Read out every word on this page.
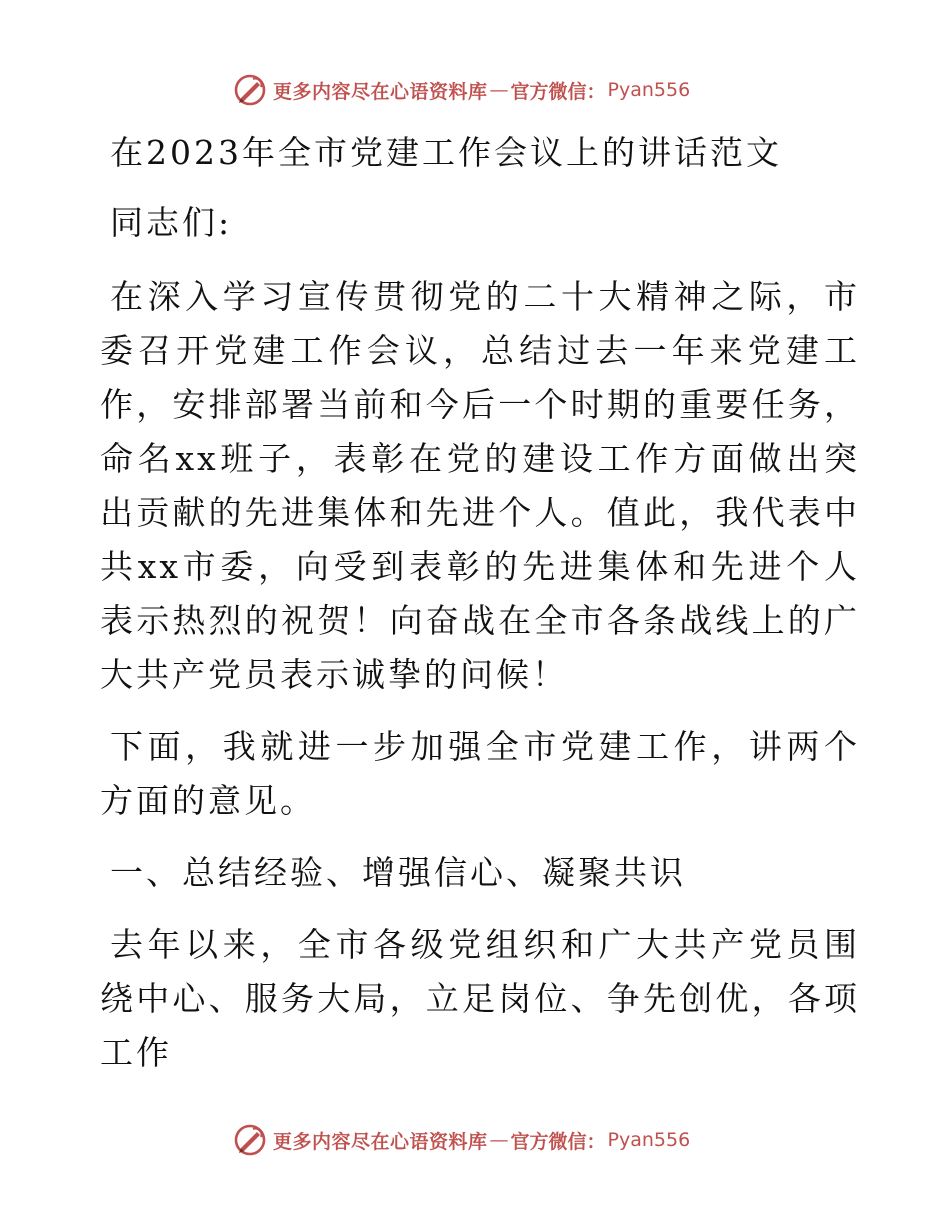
更多内容尽在心语资料库 — 官方微信： Pyan556

在2023年全市党建工作会议上的讲话范文

同志们:

在深入学习宣传贯彻党的二十大精神之际，市委召开党建工作会议，总结过去一年来党建工作，安排部署当前和今后一个时期的重要任务，命名xx班子，表彰在党的建设工作方面做出突出贡献的先进集体和先进个人。值此，我代表中共xx市委，向受到表彰的先进集体和先进个人表示热烈的祝贺！向奋战在全市各条战线上的广大共产党员表示诚挚的问候！

下面，我就进一步加强全市党建工作，讲两个方面的意见。

一、总结经验、增强信心、凝聚共识

去年以来，全市各级党组织和广大共产党员围绕中心、服务大局，立足岗位、争先创优，各项工作

更多内容尽在心语资料库 — 官方微信： Pyan556
